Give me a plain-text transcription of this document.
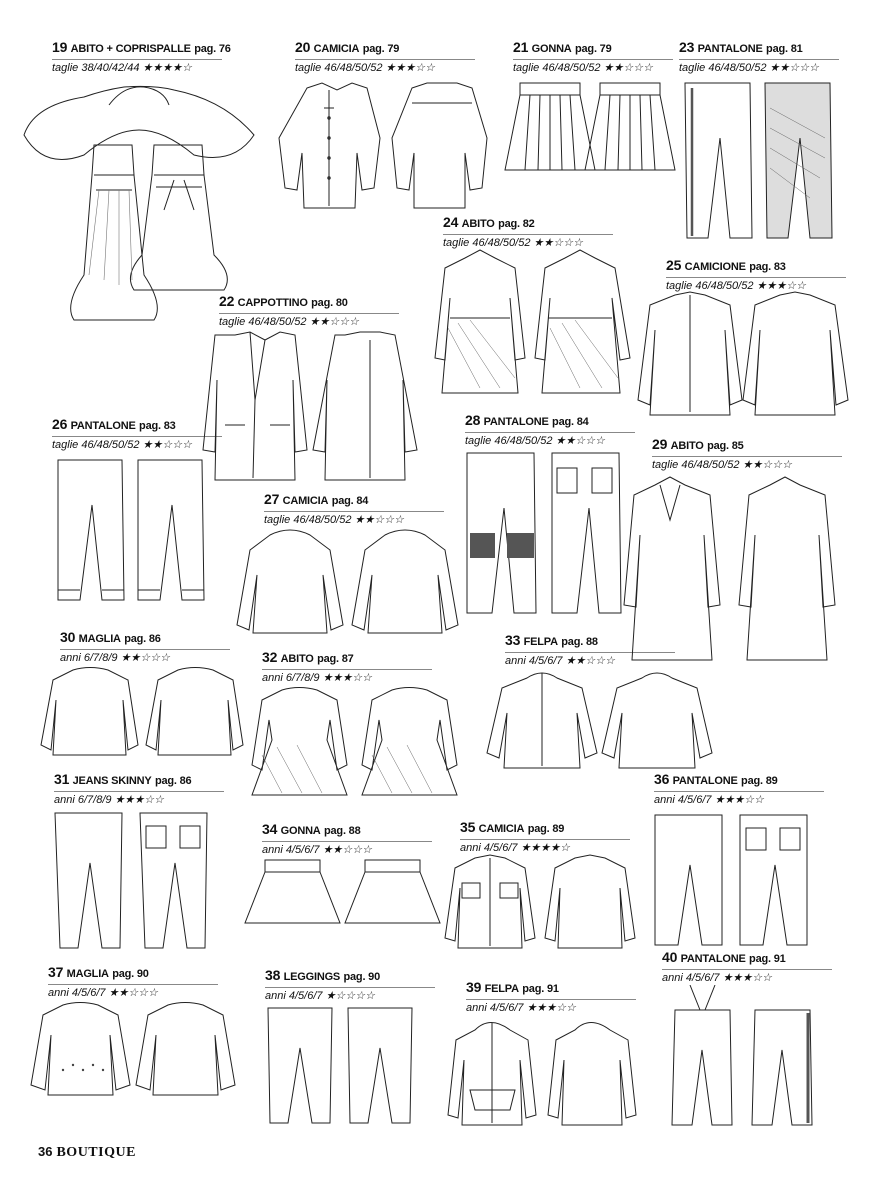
19 ABITO + COPRISPALLE pag. 76
taglie 38/40/42/44 ★★★★☆
20 CAMICIA pag. 79
taglie 46/48/50/52 ★★★☆☆
21 GONNA pag. 79
taglie 46/48/50/52 ★★☆☆☆
23 PANTALONE pag. 81
taglie 46/48/50/52 ★★☆☆☆
24 ABITO pag. 82
taglie 46/48/50/52 ★★☆☆☆
25 CAMICIONE pag. 83
taglie 46/48/50/52 ★★★☆☆
22 CAPPOTTINO pag. 80
taglie 46/48/50/52 ★★☆☆☆
26 PANTALONE pag. 83
taglie 46/48/50/52 ★★☆☆☆
28 PANTALONE pag. 84
taglie 46/48/50/52 ★★☆☆☆	29 ABITO pag. 85
taglie 46/48/50/52 ★★☆☆☆
27 CAMICIA pag. 84
taglie 46/48/50/52 ★★☆☆☆
30 MAGLIA pag. 86
anni 6/7/8/9 ★★☆☆☆	32 ABITO pag. 87
anni 6/7/8/9 ★★★☆☆
33 FELPA pag. 88
anni 4/5/6/7 ★★☆☆☆
31 JEANS SKINNY pag. 86
anni 6/7/8/9 ★★★☆☆
36 PANTALONE pag. 89
anni 4/5/6/7 ★★★☆☆
34 GONNA pag. 88
anni 4/5/6/7 ★★☆☆☆
35 CAMICIA pag. 89
anni 4/5/6/7 ★★★★☆
40 PANTALONE pag. 91
anni 4/5/6/7 ★★★☆☆
37 MAGLIA pag. 90
anni 4/5/6/7 ★★☆☆☆
38 LEGGINGS pag. 90
anni 4/5/6/7 ★☆☆☆☆
39 FELPA pag. 91
anni 4/5/6/7 ★★★☆☆
36 BOUTIQUE
